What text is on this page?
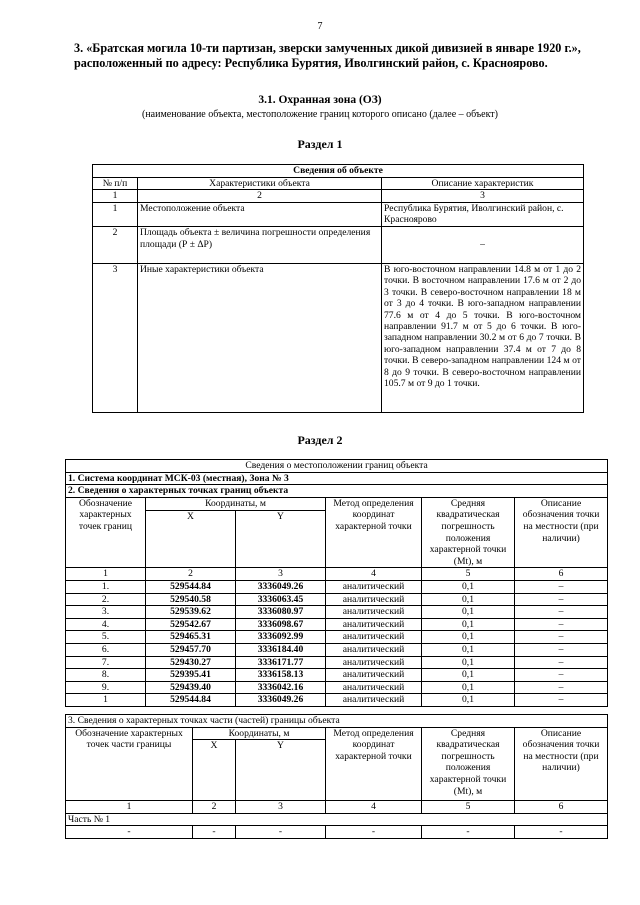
7
3. «Братская могила 10-ти партизан, зверски замученных дикой дивизией в январе 1920 г.», расположенный по адресу: Республика Бурятия, Иволгинский район, с. Красноярово.
3.1. Охранная зона (ОЗ)
(наименование объекта, местоположение границ которого описано (далее – объект)
Раздел 1
Сведения об объекте		
№ п/п	Характеристики объекта	Описание характеристик
1	2	3
1	Местоположение объекта	Республика Бурятия, Иволгинский район, с. Красноярово
2	Площадь объекта ± величина погрешности определения площади (Р ± ΔР)	–
3	Иные характеристики объекта	В юго-восточном направлении 14.8 м от 1 до 2 точки. В восточном направлении 17.6 м от 2 до 3 точки. В северо-восточном направлении 18 м от 3 до 4 точки. В юго-западном направлении 77.6 м от 4 до 5 точки. В юго-восточном направлении 91.7 м от 5 до 6 точки. В юго-западном направлении 30.2 м от 6 до 7 точки. В юго-западном направлении 37.4 м от 7 до 8 точки. В северо-западном направлении 124 м от 8 до 9 точки. В северо-восточном направлении 105.7 м от 9 до 1 точки.
Раздел 2
Сведения о местоположении границ объекта					
1. Система координат МСК-03 (местная), Зона № 3					
2. Сведения о характерных точках границ объекта					
Обозначение характерных точек границ	Координаты, м		Метод определения координат характерной точки	Средняя квадратическая погрешность положения характерной точки (Mt), м	Описание обозначения точки на местности (при наличии)
	X	Y			
1	2	3	4	5	6
1.	529544.84	3336049.26	аналитический	0,1	–
2.	529540.58	3336063.45	аналитический	0,1	–
3.	529539.62	3336080.97	аналитический	0,1	–
4.	529542.67	3336098.67	аналитический	0,1	–
5.	529465.31	3336092.99	аналитический	0,1	–
6.	529457.70	3336184.40	аналитический	0,1	–
7.	529430.27	3336171.77	аналитический	0,1	–
8.	529395.41	3336158.13	аналитический	0,1	–
9.	529439.40	3336042.16	аналитический	0,1	–
1	529544.84	3336049.26	аналитический	0,1	–
3. Сведения о характерных точках части (частей) границы объекта					
Обозначение характерных точек части границы	Координаты, м		Метод определения координат характерной точки	Средняя квадратическая погрешность положения характерной точки (Mt), м	Описание обозначения точки на местности (при наличии)
	X	Y			
1	2	3	4	5	6
Часть № 1					
-	-	-	-	-	-
